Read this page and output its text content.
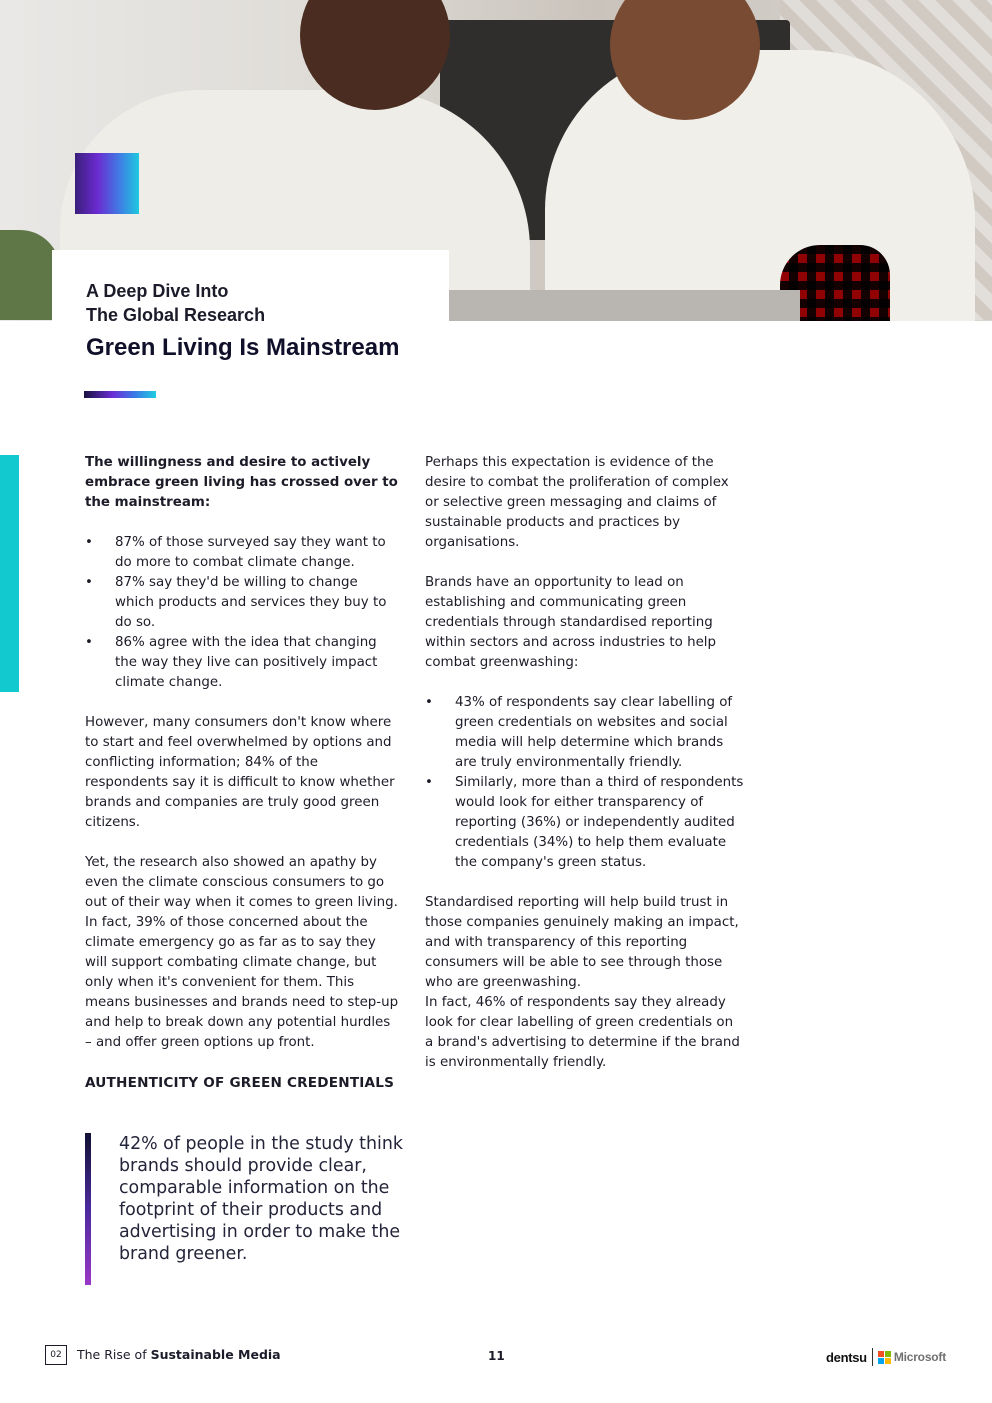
A Deep Dive Into
The Global Research
Green Living Is Mainstream

The willingness and desire to actively embrace green living has crossed over to the mainstream:

• 87% of those surveyed say they want to do more to combat climate change.
• 87% say they'd be willing to change which products and services they buy to do so.
• 86% agree with the idea that changing the way they live can positively impact climate change.

However, many consumers don't know where to start and feel overwhelmed by options and conflicting information; 84% of the respondents say it is difficult to know whether brands and companies are truly good green citizens.

Yet, the research also showed an apathy by even the climate conscious consumers to go out of their way when it comes to green living. In fact, 39% of those concerned about the climate emergency go as far as to say they will support combating climate change, but only when it's convenient for them. This means businesses and brands need to step-up and help to break down any potential hurdles – and offer green options up front.

AUTHENTICITY OF GREEN CREDENTIALS

42% of people in the study think brands should provide clear, comparable information on the footprint of their products and advertising in order to make the brand greener.

Perhaps this expectation is evidence of the desire to combat the proliferation of complex or selective green messaging and claims of sustainable products and practices by organisations.

Brands have an opportunity to lead on establishing and communicating green credentials through standardised reporting within sectors and across industries to help combat greenwashing:

• 43% of respondents say clear labelling of green credentials on websites and social media will help determine which brands are truly environmentally friendly.
• Similarly, more than a third of respondents would look for either transparency of reporting (36%) or independently audited credentials (34%) to help them evaluate the company's green status.

Standardised reporting will help build trust in those companies genuinely making an impact, and with transparency of this reporting consumers will be able to see through those who are greenwashing.

In fact, 46% of respondents say they already look for clear labelling of green credentials on a brand's advertising to determine if the brand is environmentally friendly.

02	The Rise of Sustainable Media	11	dentsu Microsoft
